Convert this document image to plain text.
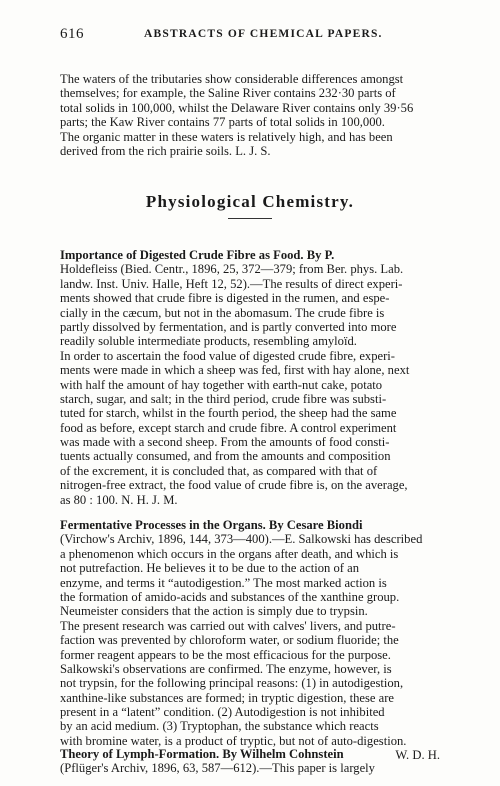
616	ABSTRACTS OF CHEMICAL PAPERS.
The waters of the tributaries show considerable differences amongst
themselves; for example, the Saline River contains 232·30 parts of
total solids in 100,000, whilst the Delaware River contains only 39·56
parts; the Kaw River contains 77 parts of total solids in 100,000.
The organic matter in these waters is relatively high, and has been
derived from the rich prairie soils. L. J. S.
Physiological Chemistry.
Importance of Digested Crude Fibre as Food. By P.
Holdefleiss (Bied. Centr., 1896, 25, 372—379; from Ber. phys. Lab.
landw. Inst. Univ. Halle, Heft 12, 52).—The results of direct experi-
ments showed that crude fibre is digested in the rumen, and espe-
cially in the cæcum, but not in the abomasum. The crude fibre is
partly dissolved by fermentation, and is partly converted into more
readily soluble intermediate products, resembling amyloïd.
In order to ascertain the food value of digested crude fibre, experi-
ments were made in which a sheep was fed, first with hay alone, next
with half the amount of hay together with earth-nut cake, potato
starch, sugar, and salt; in the third period, crude fibre was substi-
tuted for starch, whilst in the fourth period, the sheep had the same
food as before, except starch and crude fibre. A control experiment
was made with a second sheep. From the amounts of food consti-
tuents actually consumed, and from the amounts and composition
of the excrement, it is concluded that, as compared with that of
nitrogen-free extract, the food value of crude fibre is, on the average,
as 80 : 100. N. H. J. M.
Fermentative Processes in the Organs. By Cesare Biondi
(Virchow's Archiv, 1896, 144, 373—400).—E. Salkowski has described
a phenomenon which occurs in the organs after death, and which is
not putrefaction. He believes it to be due to the action of an
enzyme, and terms it “autodigestion.” The most marked action is
the formation of amido-acids and substances of the xanthine group.
Neumeister considers that the action is simply due to trypsin.
The present research was carried out with calves' livers, and putre-
faction was prevented by chloroform water, or sodium fluoride; the
former reagent appears to be the most efficacious for the purpose.
Salkowski's observations are confirmed. The enzyme, however, is
not trypsin, for the following principal reasons: (1) in autodigestion,
xanthine-like substances are formed; in tryptic digestion, these are
present in a “latent” condition. (2) Autodigestion is not inhibited
by an acid medium. (3) Tryptophan, the substance which reacts
with bromine water, is a product of tryptic, but not of auto-digestion.
W. D. H.
Theory of Lymph-Formation. By Wilhelm Cohnstein
(Pflüger's Archiv, 1896, 63, 587—612).—This paper is largely
